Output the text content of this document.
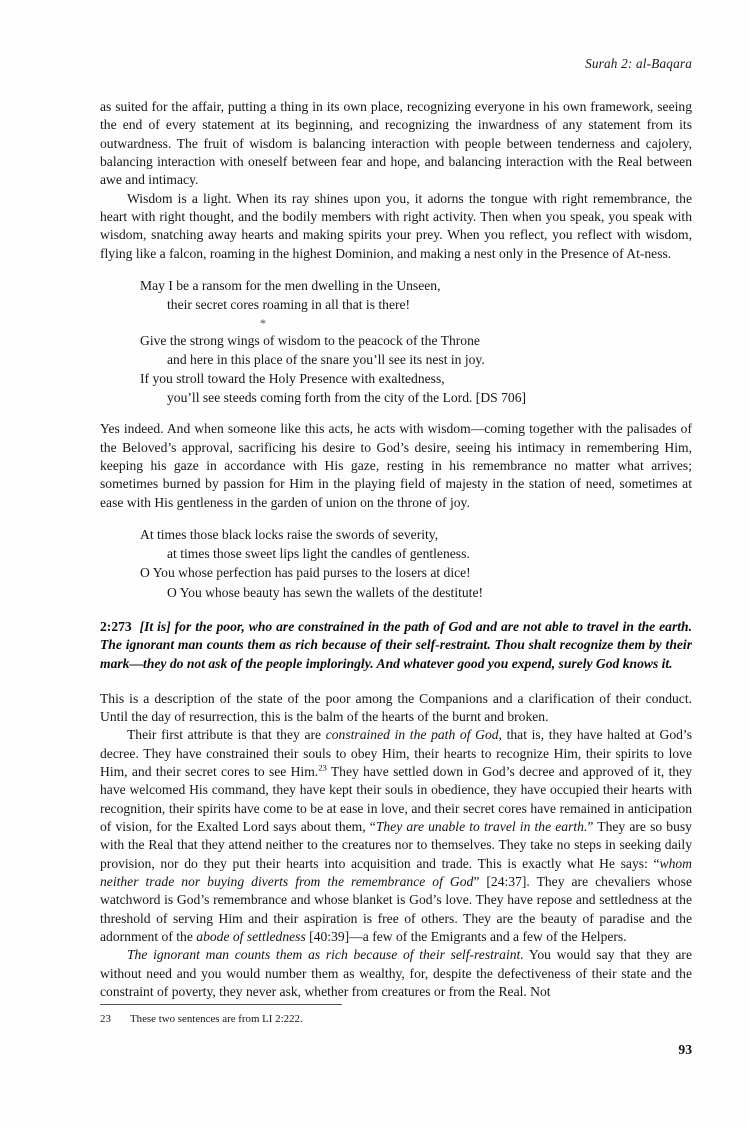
Surah 2: al-Baqara

as suited for the affair, putting a thing in its own place, recognizing everyone in his own framework, seeing the end of every statement at its beginning, and recognizing the inwardness of any statement from its outwardness. The fruit of wisdom is balancing interaction with people between tenderness and cajolery, balancing interaction with oneself between fear and hope, and balancing interaction with the Real between awe and intimacy.

Wisdom is a light. When its ray shines upon you, it adorns the tongue with right remembrance, the heart with right thought, and the bodily members with right activity. Then when you speak, you speak with wisdom, snatching away hearts and making spirits your prey. When you reflect, you reflect with wisdom, flying like a falcon, roaming in the highest Dominion, and making a nest only in the Presence of At-ness.

May I be a ransom for the men dwelling in the Unseen,
their secret cores roaming in all that is there!
*
Give the strong wings of wisdom to the peacock of the Throne
and here in this place of the snare you’ll see its nest in joy.
If you stroll toward the Holy Presence with exaltedness,
you’ll see steeds coming forth from the city of the Lord. [DS 706]

Yes indeed. And when someone like this acts, he acts with wisdom—coming together with the palisades of the Beloved’s approval, sacrificing his desire to God’s desire, seeing his intimacy in remembering Him, keeping his gaze in accordance with His gaze, resting in his remembrance no matter what arrives; sometimes burned by passion for Him in the playing field of majesty in the station of need, sometimes at ease with His gentleness in the garden of union on the throne of joy.

At times those black locks raise the swords of severity,
at times those sweet lips light the candles of gentleness.
O You whose perfection has paid purses to the losers at dice!
O You whose beauty has sewn the wallets of the destitute!

2:273 [It is] for the poor, who are constrained in the path of God and are not able to travel in the earth. The ignorant man counts them as rich because of their self-restraint. Thou shalt recognize them by their mark—they do not ask of the people imploringly. And whatever good you expend, surely God knows it.

This is a description of the state of the poor among the Companions and a clarification of their conduct. Until the day of resurrection, this is the balm of the hearts of the burnt and broken.

Their first attribute is that they are constrained in the path of God, that is, they have halted at God’s decree. They have constrained their souls to obey Him, their hearts to recognize Him, their spirits to love Him, and their secret cores to see Him.$^{23}$ They have settled down in God’s decree and approved of it, they have welcomed His command, they have kept their souls in obedience, they have occupied their hearts with recognition, their spirits have come to be at ease in love, and their secret cores have remained in anticipation of vision, for the Exalted Lord says about them, “They are unable to travel in the earth.” They are so busy with the Real that they attend neither to the creatures nor to themselves. They take no steps in seeking daily provision, nor do they put their hearts into acquisition and trade. This is exactly what He says: “whom neither trade nor buying diverts from the remembrance of God” [24:37]. They are chevaliers whose watchword is God’s remembrance and whose blanket is God’s love. They have repose and settledness at the threshold of serving Him and their aspiration is free of others. They are the beauty of paradise and the adornment of the abode of settledness [40:39]—a few of the Emigrants and a few of the Helpers.

The ignorant man counts them as rich because of their self-restraint. You would say that they are without need and you would number them as wealthy, for, despite the defectiveness of their state and the constraint of poverty, they never ask, whether from creatures or from the Real. Not

23	These two sentences are from LI 2:222.
93
